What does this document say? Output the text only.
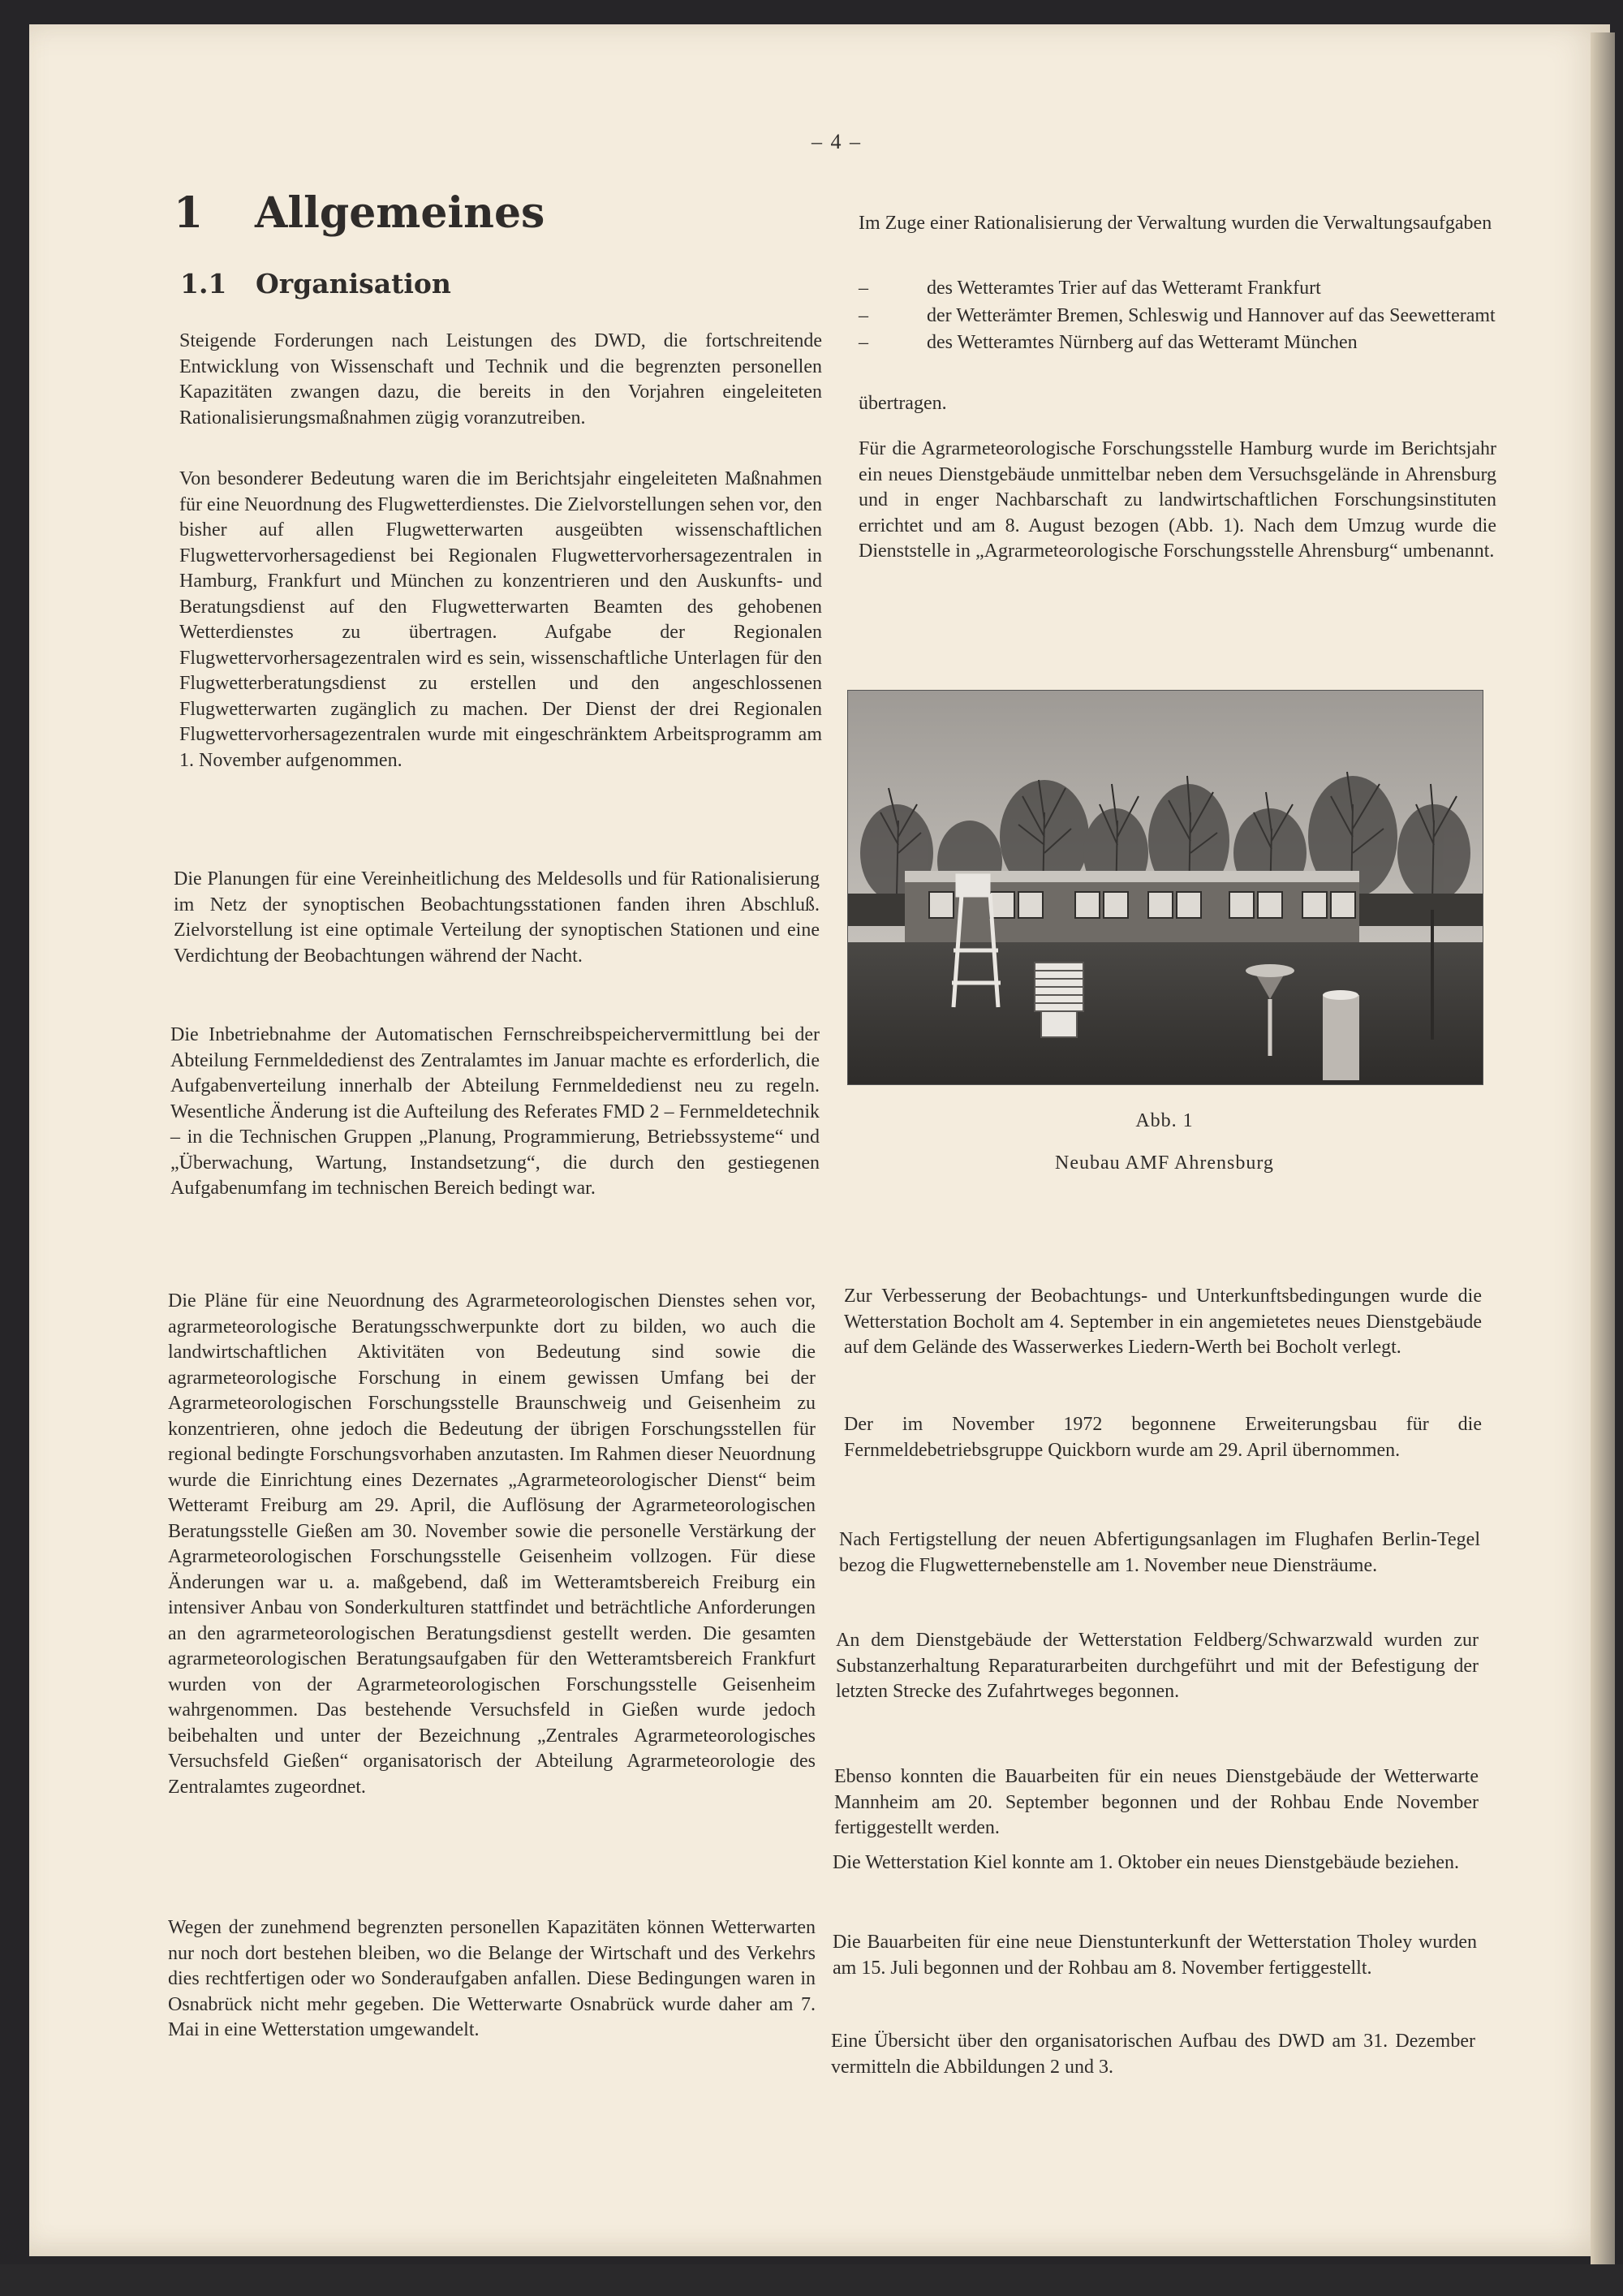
– 4 –
1 Allgemeines
1.1 Organisation

Steigende Forderungen nach Leistungen des DWD, die fortschreitende Entwicklung von Wissenschaft und Technik und die begrenzten personellen Kapazitäten zwangen dazu, die bereits in den Vorjahren eingeleiteten Rationalisierungsmaßnahmen zügig voranzutreiben.

Von besonderer Bedeutung waren die im Berichtsjahr eingeleiteten Maßnahmen für eine Neuordnung des Flugwetterdienstes. Die Zielvorstellungen sehen vor, den bisher auf allen Flugwetterwarten ausgeübten wissenschaftlichen Flugwettervorhersagedienst bei Regionalen Flugwettervorhersagezentralen in Hamburg, Frankfurt und München zu konzentrieren und den Auskunfts- und Beratungsdienst auf den Flugwetterwarten Beamten des gehobenen Wetterdienstes zu übertragen. Aufgabe der Regionalen Flugwettervorhersagezentralen wird es sein, wissenschaftliche Unterlagen für den Flugwetterberatungsdienst zu erstellen und den angeschlossenen Flugwetterwarten zugänglich zu machen. Der Dienst der drei Regionalen Flugwettervorhersagezentralen wurde mit eingeschränktem Arbeitsprogramm am 1. November aufgenommen.

Die Planungen für eine Vereinheitlichung des Meldesolls und für Rationalisierung im Netz der synoptischen Beobachtungsstationen fanden ihren Abschluß. Zielvorstellung ist eine optimale Verteilung der synoptischen Stationen und eine Verdichtung der Beobachtungen während der Nacht.

Die Inbetriebnahme der Automatischen Fernschreibspeichervermittlung bei der Abteilung Fernmeldedienst des Zentralamtes im Januar machte es erforderlich, die Aufgabenverteilung innerhalb der Abteilung Fernmeldedienst neu zu regeln. Wesentliche Änderung ist die Aufteilung des Referates FMD 2 – Fernmeldetechnik – in die Technischen Gruppen „Planung, Programmierung, Betriebssysteme“ und „Überwachung, Wartung, Instandsetzung“, die durch den gestiegenen Aufgabenumfang im technischen Bereich bedingt war.

Die Pläne für eine Neuordnung des Agrarmeteorologischen Dienstes sehen vor, agrarmeteorologische Beratungsschwerpunkte dort zu bilden, wo auch die landwirtschaftlichen Aktivitäten von Bedeutung sind sowie die agrarmeteorologische Forschung in einem gewissen Umfang bei der Agrarmeteorologischen Forschungsstelle Braunschweig und Geisenheim zu konzentrieren, ohne jedoch die Bedeutung der übrigen Forschungsstellen für regional bedingte Forschungsvorhaben anzutasten. Im Rahmen dieser Neuordnung wurde die Einrichtung eines Dezernates „Agrarmeteorologischer Dienst“ beim Wetteramt Freiburg am 29. April, die Auflösung der Agrarmeteorologischen Beratungsstelle Gießen am 30. November sowie die personelle Verstärkung der Agrarmeteorologischen Forschungsstelle Geisenheim vollzogen. Für diese Änderungen war u. a. maßgebend, daß im Wetteramtsbereich Freiburg ein intensiver Anbau von Sonderkulturen stattfindet und beträchtliche Anforderungen an den agrarmeteorologischen Beratungsdienst gestellt werden. Die gesamten agrarmeteorologischen Beratungsaufgaben für den Wetteramtsbereich Frankfurt wurden von der Agrarmeteorologischen Forschungsstelle Geisenheim wahrgenommen. Das bestehende Versuchsfeld in Gießen wurde jedoch beibehalten und unter der Bezeichnung „Zentrales Agrarmeteorologisches Versuchsfeld Gießen“ organisatorisch der Abteilung Agrarmeteorologie des Zentralamtes zugeordnet.

Wegen der zunehmend begrenzten personellen Kapazitäten können Wetterwarten nur noch dort bestehen bleiben, wo die Belange der Wirtschaft und des Verkehrs dies rechtfertigen oder wo Sonderaufgaben anfallen. Diese Bedingungen waren in Osnabrück nicht mehr gegeben. Die Wetterwarte Osnabrück wurde daher am 7. Mai in eine Wetterstation umgewandelt.

Im Zuge einer Rationalisierung der Verwaltung wurden die Verwaltungsaufgaben

–	des Wetteramtes Trier auf das Wetteramt Frankfurt
–	der Wetterämter Bremen, Schleswig und Hannover auf das Seewetteramt
–	des Wetteramtes Nürnberg auf das Wetteramt München

übertragen.

Für die Agrarmeteorologische Forschungsstelle Hamburg wurde im Berichtsjahr ein neues Dienstgebäude unmittelbar neben dem Versuchsgelände in Ahrensburg und in enger Nachbarschaft zu landwirtschaftlichen Forschungsinstituten errichtet und am 8. August bezogen (Abb. 1). Nach dem Umzug wurde die Dienststelle in „Agrarmeteorologische Forschungsstelle Ahrensburg“ umbenannt.

Abb. 1
Neubau AMF Ahrensburg

Zur Verbesserung der Beobachtungs- und Unterkunftsbedingungen wurde die Wetterstation Bocholt am 4. September in ein angemietetes neues Dienstgebäude auf dem Gelände des Wasserwerkes Liedern-Werth bei Bocholt verlegt.

Der im November 1972 begonnene Erweiterungsbau für die Fernmeldebetriebsgruppe Quickborn wurde am 29. April übernommen.

Nach Fertigstellung der neuen Abfertigungsanlagen im Flughafen Berlin-Tegel bezog die Flugwetternebenstelle am 1. November neue Diensträume.

An dem Dienstgebäude der Wetterstation Feldberg/Schwarzwald wurden zur Substanzerhaltung Reparaturarbeiten durchgeführt und mit der Befestigung der letzten Strecke des Zufahrtweges begonnen.

Ebenso konnten die Bauarbeiten für ein neues Dienstgebäude der Wetterwarte Mannheim am 20. September begonnen und der Rohbau Ende November fertiggestellt werden.

Die Wetterstation Kiel konnte am 1. Oktober ein neues Dienstgebäude beziehen.

Die Bauarbeiten für eine neue Dienstunterkunft der Wetterstation Tholey wurden am 15. Juli begonnen und der Rohbau am 8. November fertiggestellt.

Eine Übersicht über den organisatorischen Aufbau des DWD am 31. Dezember vermitteln die Abbildungen 2 und 3.
